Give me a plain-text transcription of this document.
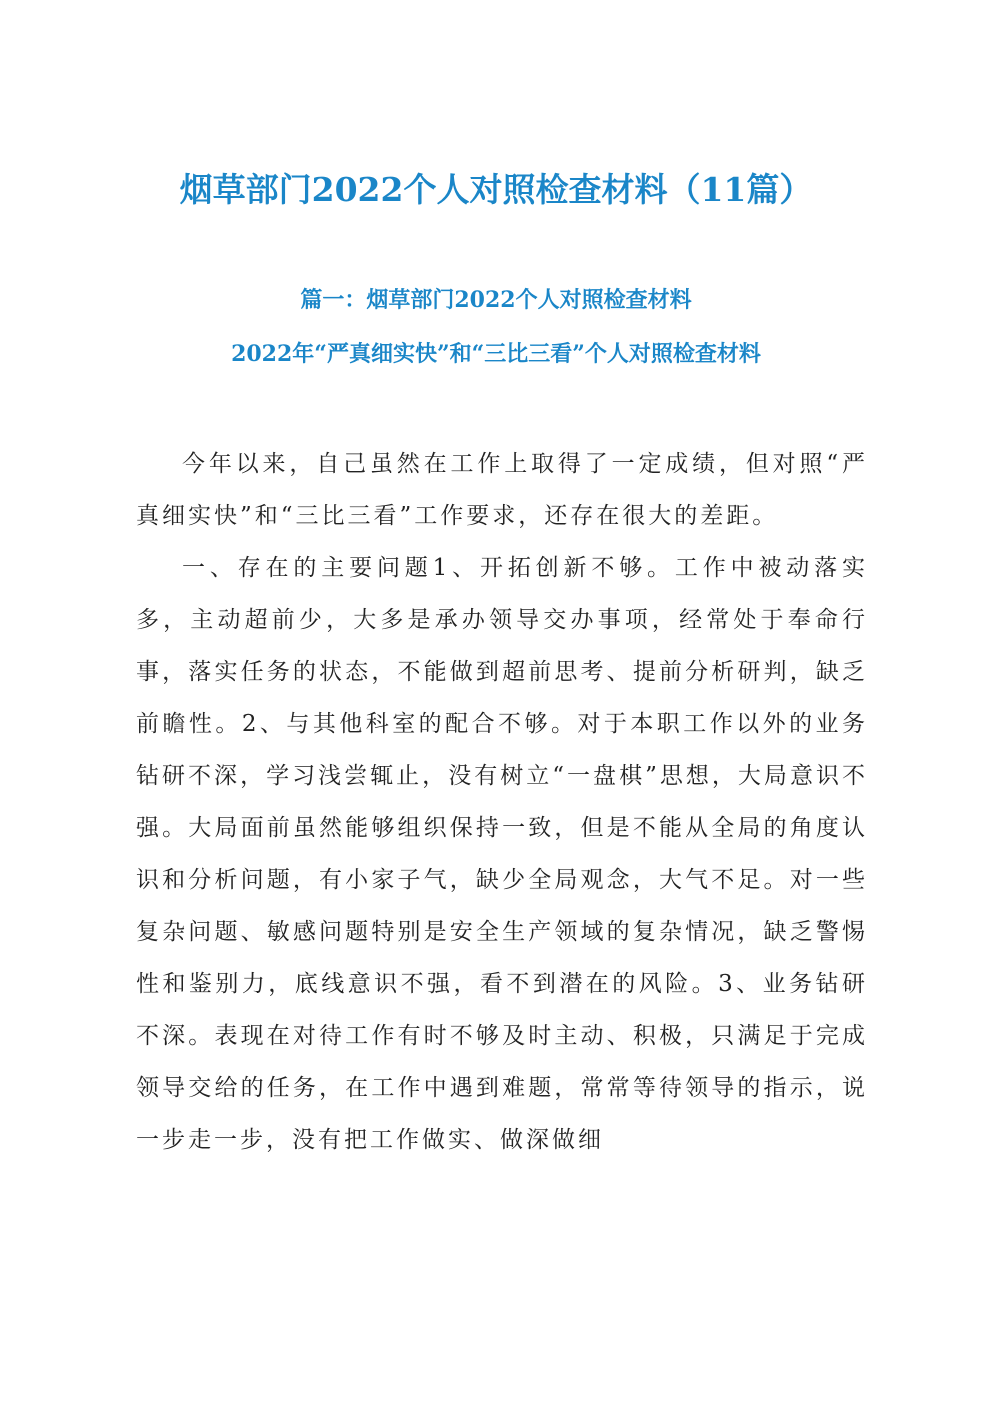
烟草部门2022个人对照检查材料（11篇）
篇一：烟草部门2022个人对照检查材料
2022年“严真细实快”和“三比三看”个人对照检查材料

今年以来，自己虽然在工作上取得了一定成绩，但对照“严真细实快”和“三比三看”工作要求，还存在很大的差距。

一、存在的主要问题1、开拓创新不够。工作中被动落实多，主动超前少，大多是承办领导交办事项，经常处于奉命行事，落实任务的状态，不能做到超前思考、提前分析研判，缺乏前瞻性。2、与其他科室的配合不够。对于本职工作以外的业务钻研不深，学习浅尝辄止，没有树立“一盘棋”思想，大局意识不强。大局面前虽然能够组织保持一致，但是不能从全局的角度认识和分析问题，有小家子气，缺少全局观念，大气不足。对一些复杂问题、敏感问题特别是安全生产领域的复杂情况，缺乏警惕性和鉴别力，底线意识不强，看不到潜在的风险。3、业务钻研不深。表现在对待工作有时不够及时主动、积极，只满足于完成领导交给的任务，在工作中遇到难题，常常等待领导的指示，说一步走一步，没有把工作做实、做深做细
